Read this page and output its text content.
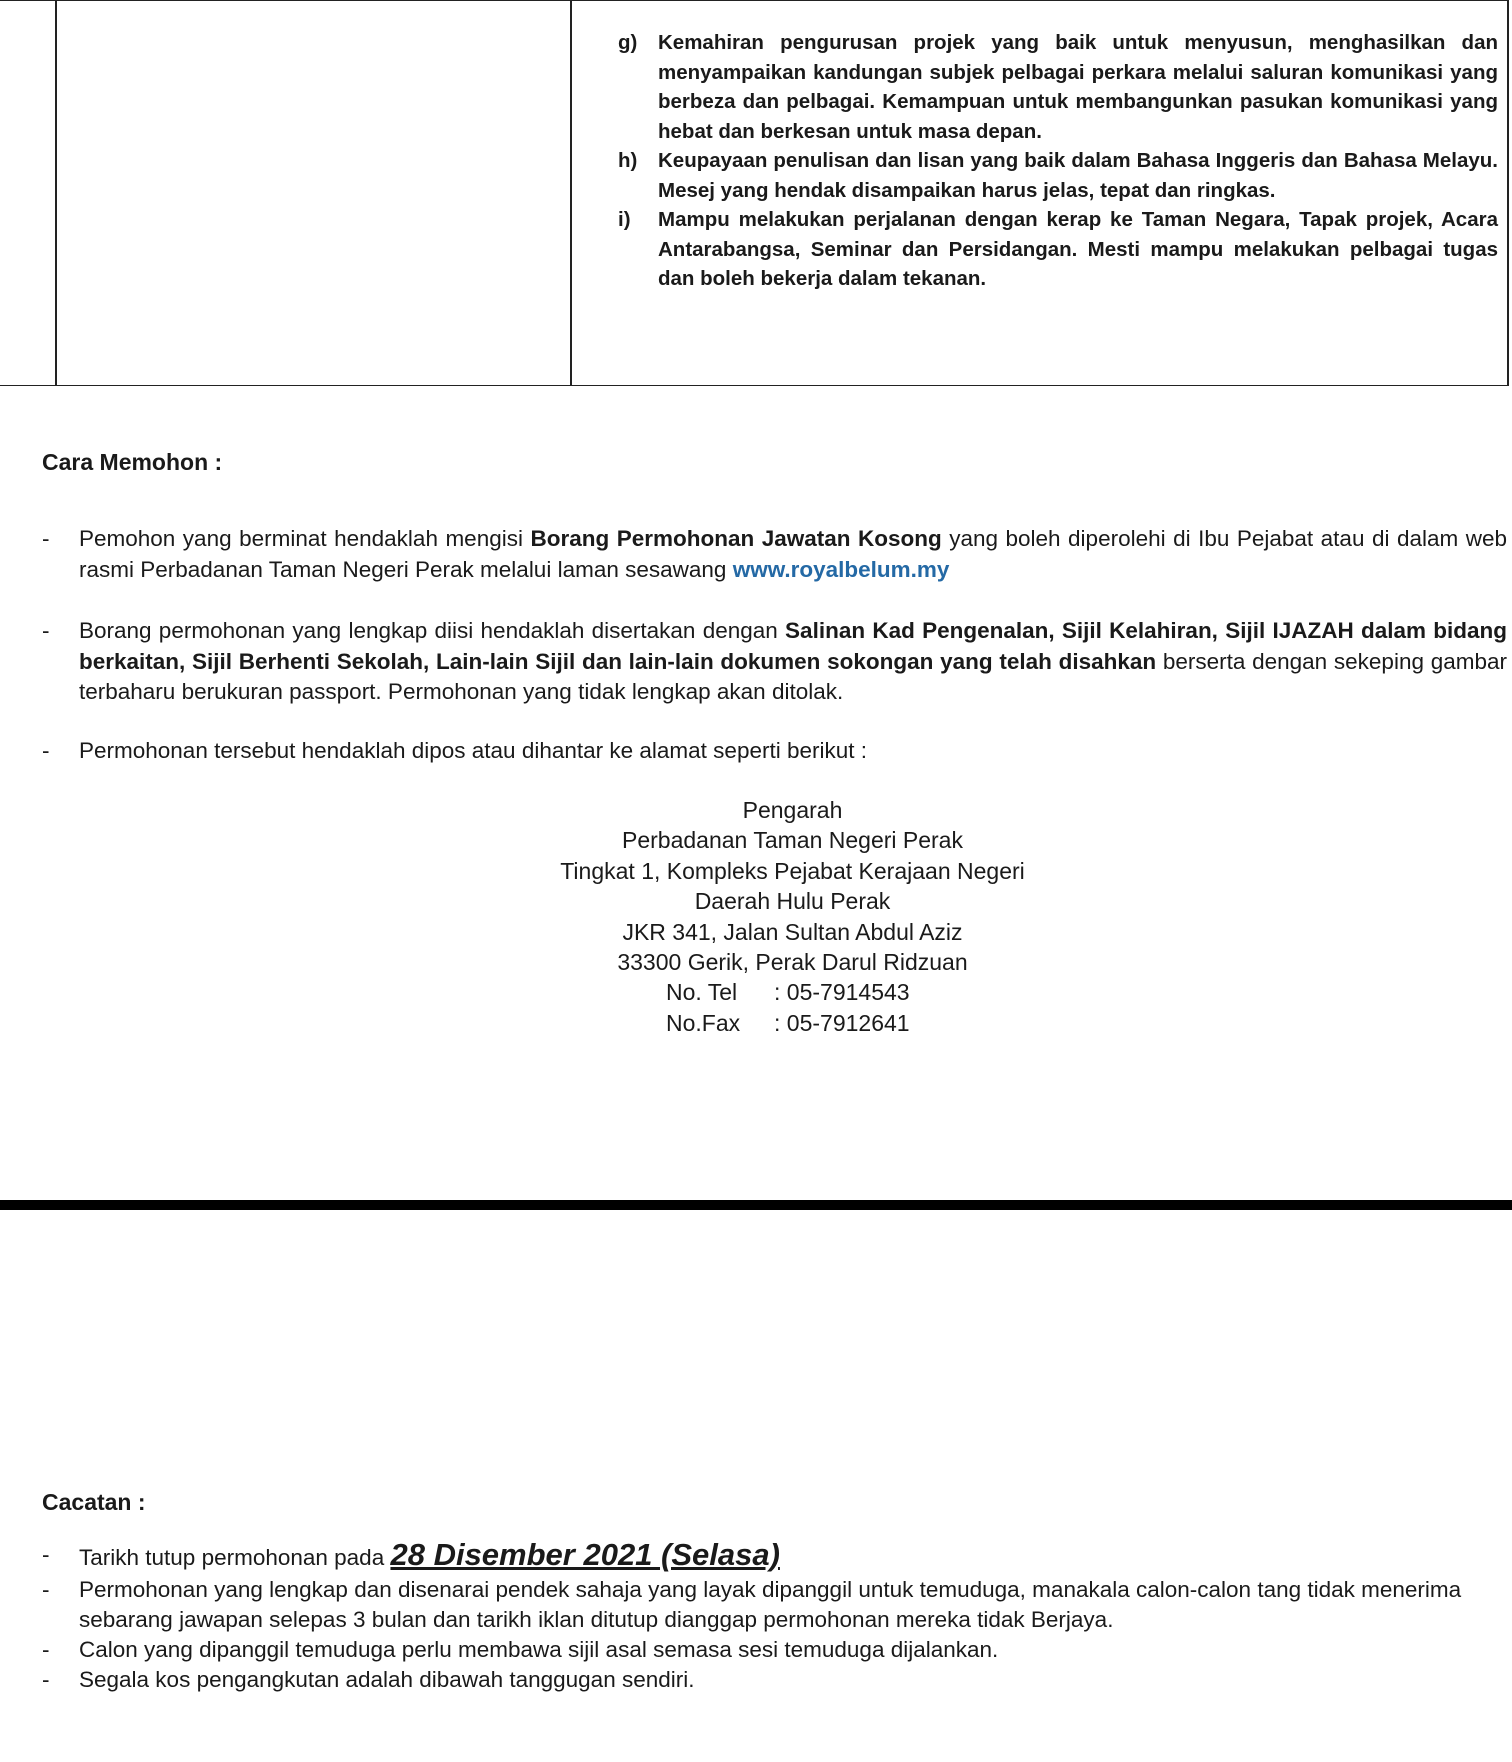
g) Kemahiran pengurusan projek yang baik untuk menyusun, menghasilkan dan menyampaikan kandungan subjek pelbagai perkara melalui saluran komunikasi yang berbeza dan pelbagai. Kemampuan untuk membangunkan pasukan komunikasi yang hebat dan berkesan untuk masa depan.
h) Keupayaan penulisan dan lisan yang baik dalam Bahasa Inggeris dan Bahasa Melayu. Mesej yang hendak disampaikan harus jelas, tepat dan ringkas.
i) Mampu melakukan perjalanan dengan kerap ke Taman Negara, Tapak projek, Acara Antarabangsa, Seminar dan Persidangan. Mesti mampu melakukan pelbagai tugas dan boleh bekerja dalam tekanan.

Cara Memohon :

- Pemohon yang berminat hendaklah mengisi Borang Permohonan Jawatan Kosong yang boleh diperolehi di Ibu Pejabat atau di dalam web rasmi Perbadanan Taman Negeri Perak melalui laman sesawang www.royalbelum.my
- Borang permohonan yang lengkap diisi hendaklah disertakan dengan Salinan Kad Pengenalan, Sijil Kelahiran, Sijil IJAZAH dalam bidang berkaitan, Sijil Berhenti Sekolah, Lain-lain Sijil dan lain-lain dokumen sokongan yang telah disahkan berserta dengan sekeping gambar terbaharu berukuran passport. Permohonan yang tidak lengkap akan ditolak.
- Permohonan tersebut hendaklah dipos atau dihantar ke alamat seperti berikut :

Pengarah

Perbadanan Taman Negeri Perak

Tingkat 1, Kompleks Pejabat Kerajaan Negeri

Daerah Hulu Perak

JKR 341, Jalan Sultan Abdul Aziz

33300 Gerik, Perak Darul Ridzuan

No. Tel	: 05-7914543
No.Fax	: 05-7912641

Cacatan :

- Tarikh tutup permohonan pada 28 Disember 2021 (Selasa)
- Permohonan yang lengkap dan disenarai pendek sahaja yang layak dipanggil untuk temuduga, manakala calon-calon tang tidak menerima sebarang jawapan selepas 3 bulan dan tarikh iklan ditutup dianggap permohonan mereka tidak Berjaya.
- Calon yang dipanggil temuduga perlu membawa sijil asal semasa sesi temuduga dijalankan.
- Segala kos pengangkutan adalah dibawah tanggugan sendiri.
